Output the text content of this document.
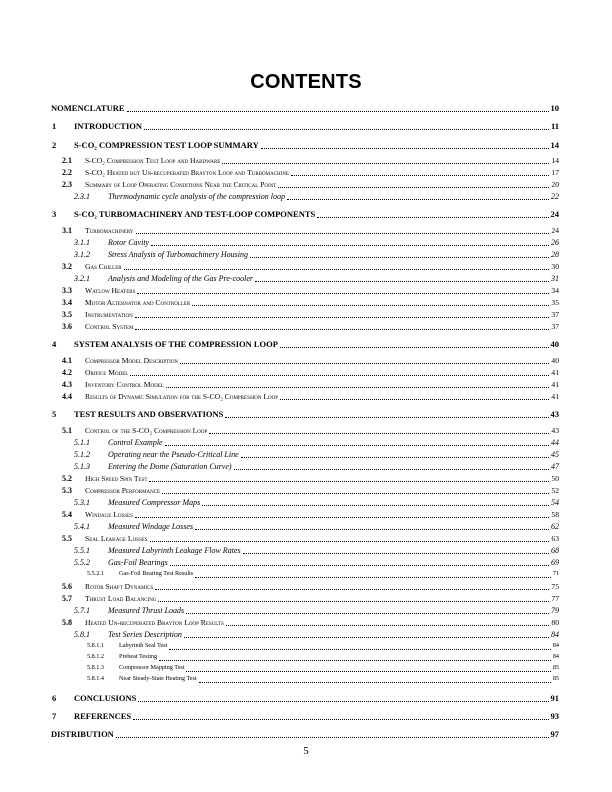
CONTENTS
NOMENCLATURE	10
1 INTRODUCTION	11
2 S-CO₂ COMPRESSION TEST LOOP SUMMARY	14
2.1 S-CO₂ Compression Test Loop and Hardware	14
2.2 S-CO₂ Heated but Un-recuperated Brayton Loop and Turbomachine	17
2.3 Summary of Loop Operating Conditions Near the Critical Point	20
2.3.1 Thermodynamic cycle analysis of the compression loop	22
3 S-CO₂ TURBOMACHINERY AND TEST-LOOP COMPONENTS	24
3.1 Turbomachinery	24
3.1.1 Rotor Cavity	26
3.1.2 Stress Analysis of Turbomachinery Housing	28
3.2 Gas Chiller	30
3.2.1 Analysis and Modeling of the Gas Pre-cooler	31
3.3 Watlow Heaters	34
3.4 Motor Alternator and Controller	35
3.5 Instrumentation	37
3.6 Control System	37
4 SYSTEM ANALYSIS OF THE COMPRESSION LOOP	40
4.1 Compressor Model Description	40
4.2 Orifice Model	41
4.3 Inventory Control Model	41
4.4 Results of Dynamic Simulation for the S-CO₂ Compression Loop	41
5 TEST RESULTS AND OBSERVATIONS	43
5.1 Control of the S-CO₂ Compression Loop	43
5.1.1 Control Example	44
5.1.2 Operating near the Pseudo-Critical Line	45
5.1.3 Entering the Dome (Saturation Curve)	47
5.2 High Speed Spin Test	50
5.3 Compressor Performance	52
5.3.1 Measured Compressor Maps	54
5.4 Windage Losses	58
5.4.1 Measured Windage Losses	62
5.5 Seal Leakage Losses	63
5.5.1 Measured Labyrinth Leakage Flow Rates	68
5.5.2 Gas-Foil Bearings	69
5.5.2.1 Gas-Foil Bearing Test Results	71
5.6 Rotor Shaft Dynamics	75
5.7 Thrust Load Balancing	77
5.7.1 Measured Thrust Loads	79
5.8 Heated Un-recuperated Brayton Loop Results	80
5.8.1 Test Series Description	84
5.8.1.1 Labyrinth Seal Test	84
5.8.1.2 Preheat Testing	84
5.8.1.3 Compressor Mapping Test	85
5.8.1.4 Near Steady-State Heating Test	85
6 CONCLUSIONS	91
7 REFERENCES	93
DISTRIBUTION	97
5
